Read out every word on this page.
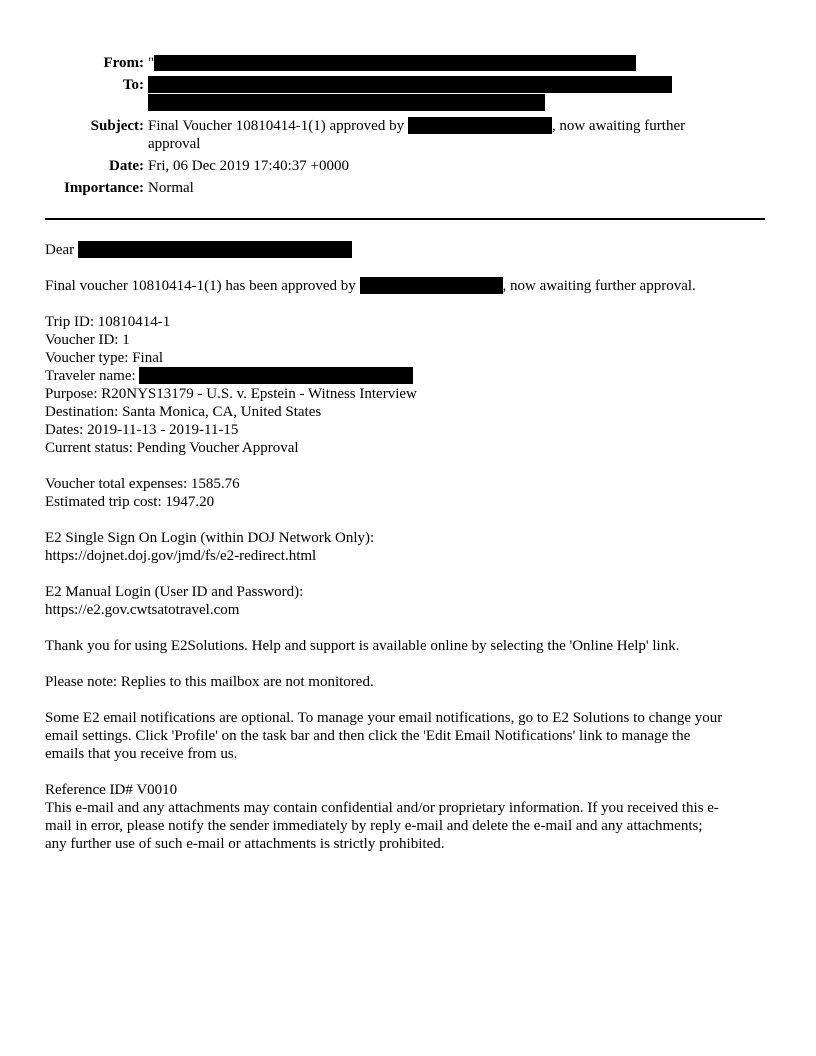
From: "
To:
Subject: Final Voucher 10810414-1(1) approved by	, now awaiting further
approval
Date: Fri, 06 Dec 2019 17:40:37 +0000
Importance: Normal

Dear

Final voucher 10810414-1(1) has been approved by	, now awaiting further approval.

Trip ID: 10810414-1
Voucher ID: 1
Voucher type: Final
Traveler name:
Purpose: R20NYS13179 - U.S. v. Epstein - Witness Interview
Destination: Santa Monica, CA, United States
Dates: 2019-11-13 - 2019-11-15
Current status: Pending Voucher Approval

Voucher total expenses: 1585.76
Estimated trip cost: 1947.20

E2 Single Sign On Login (within DOJ Network Only):
https://dojnet.doj.gov/jmd/fs/e2-redirect.html

E2 Manual Login (User ID and Password):
https://e2.gov.cwtsatotravel.com

Thank you for using E2Solutions. Help and support is available online by selecting the 'Online Help' link.

Please note: Replies to this mailbox are not monitored.

Some E2 email notifications are optional. To manage your email notifications, go to E2 Solutions to change your
email settings. Click 'Profile' on the task bar and then click the 'Edit Email Notifications' link to manage the
emails that you receive from us.

Reference ID# V0010
This e-mail and any attachments may contain confidential and/or proprietary information. If you received this e-
mail in error, please notify the sender immediately by reply e-mail and delete the e-mail and any attachments;
any further use of such e-mail or attachments is strictly prohibited.
